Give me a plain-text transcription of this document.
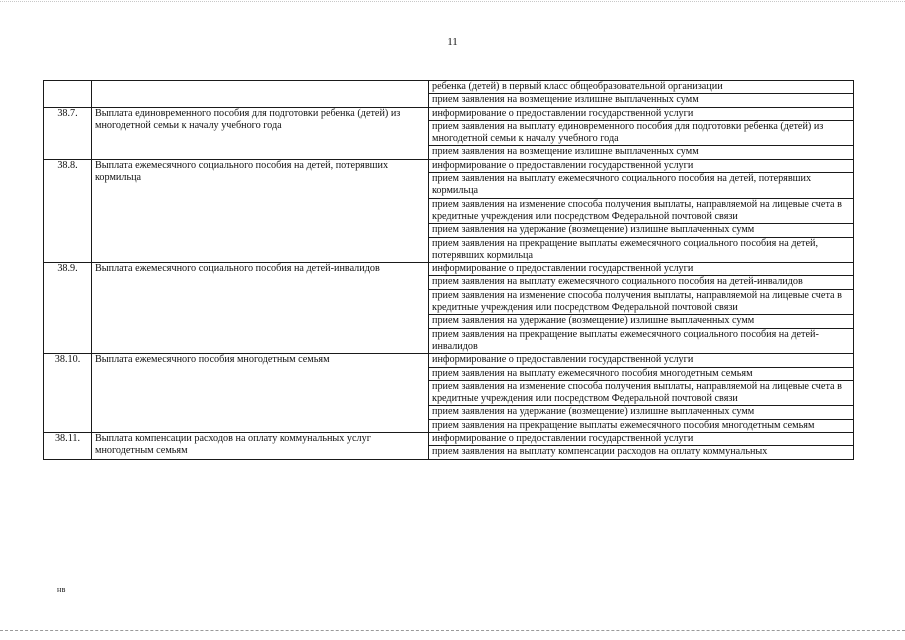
11
		ребенка (детей) в первый класс общеобразовательной организации
		прием заявления на возмещение излишне выплаченных сумм
38.7.	Выплата единовременного пособия для подготовки ребенка (детей) из многодетной семьи к началу учебного года	информирование о предоставлении государственной услуги
		прием заявления на выплату единовременного пособия для подготовки ребенка (детей) из многодетной семьи к началу учебного года
		прием заявления на возмещение излишне выплаченных сумм
38.8.	Выплата ежемесячного социального пособия на детей, потерявших кормильца	информирование о предоставлении государственной услуги
		прием заявления на выплату ежемесячного социального пособия на детей, потерявших кормильца
		прием заявления на изменение способа получения выплаты, направляемой на лицевые счета в кредитные учреждения или посредством Федеральной почтовой связи
		прием заявления на удержание (возмещение) излишне выплаченных сумм
		прием заявления на прекращение выплаты ежемесячного социального пособия на детей, потерявших кормильца
38.9.	Выплата ежемесячного социального пособия на детей-инвалидов	информирование о предоставлении государственной услуги
		прием заявления на выплату ежемесячного социального пособия на детей-инвалидов
		прием заявления на изменение способа получения выплаты, направляемой на лицевые счета в кредитные учреждения или посредством Федеральной почтовой связи
		прием заявления на удержание (возмещение) излишне выплаченных сумм
		прием заявления на прекращение выплаты ежемесячного социального пособия на детей-инвалидов
38.10.	Выплата ежемесячного пособия многодетным семьям	информирование о предоставлении государственной услуги
		прием заявления на выплату ежемесячного пособия многодетным семьям
		прием заявления на изменение способа получения выплаты, направляемой на лицевые счета в кредитные учреждения или посредством Федеральной почтовой связи
		прием заявления на удержание (возмещение) излишне выплаченных сумм
		прием заявления на прекращение выплаты ежемесячного пособия многодетным семьям
38.11.	Выплата компенсации расходов на оплату коммунальных услуг многодетным семьям	информирование о предоставлении государственной услуги
		прием заявления на выплату компенсации расходов на оплату коммунальных
нв
